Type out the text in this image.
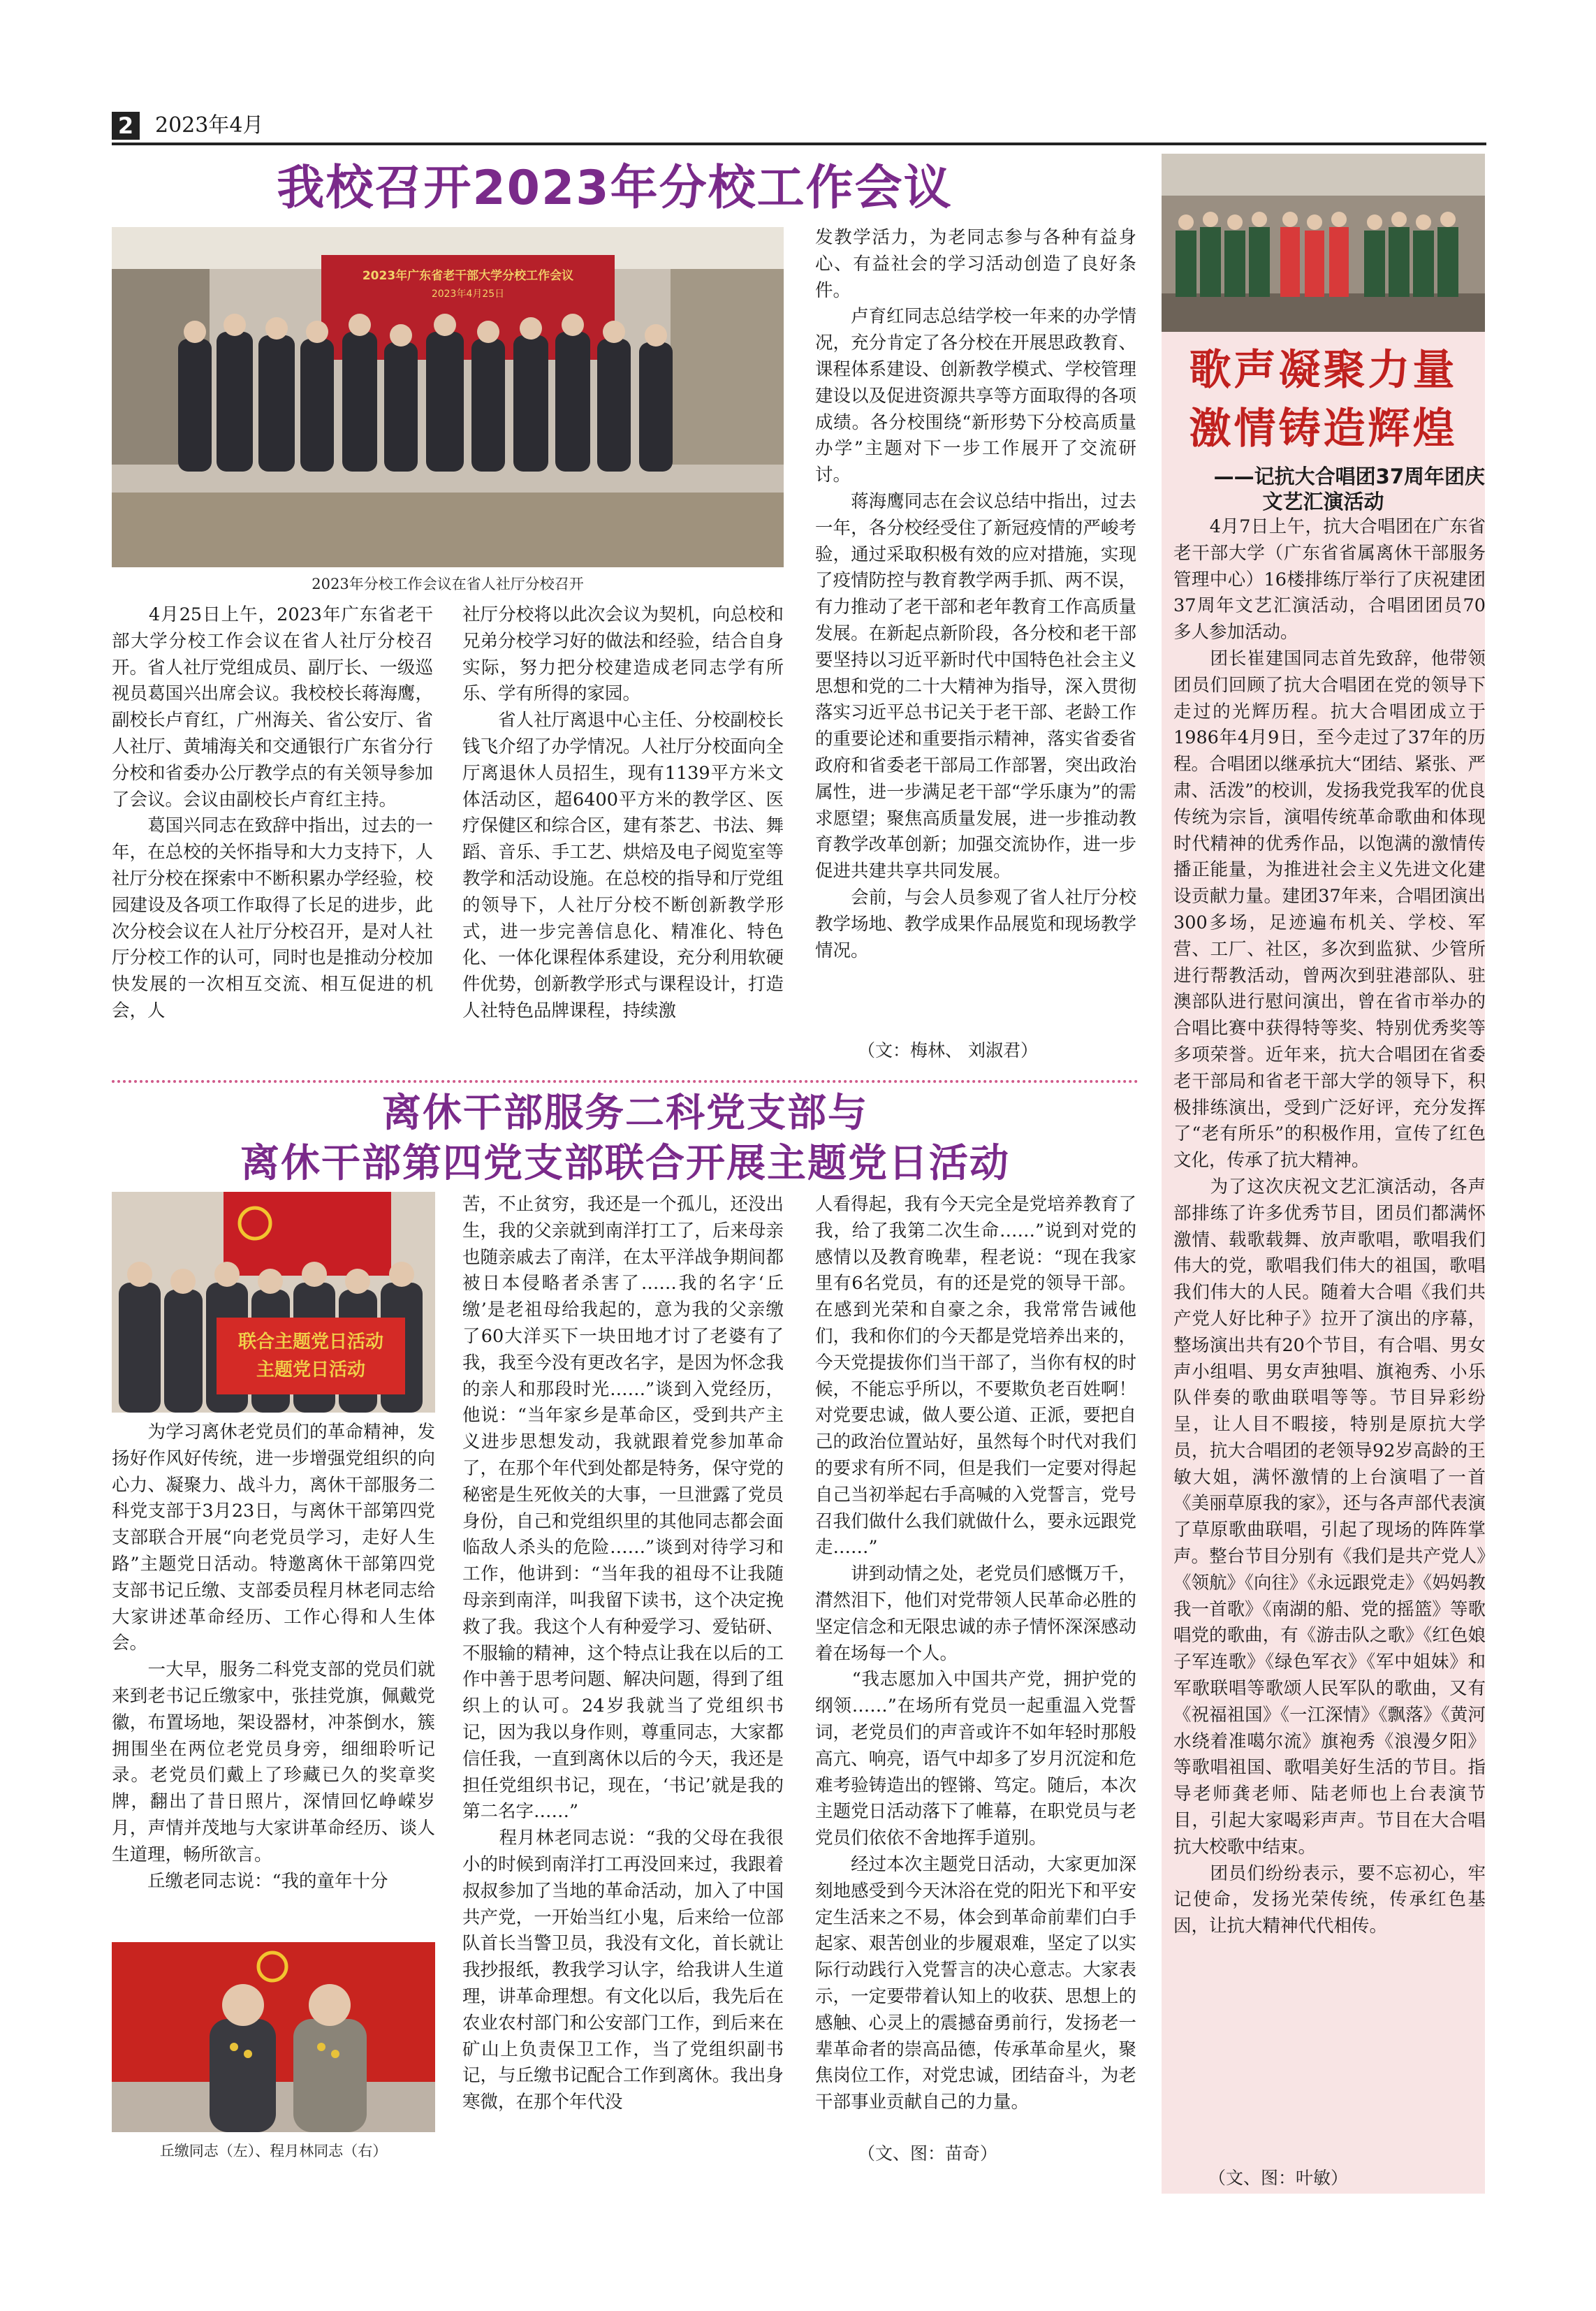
2 2023年4月
我校召开2023年分校工作会议
2023年广东省老干部大学分校工作会议
2023年4月25日
2023年分校工作会议在省人社厅分校召开
　　4月25日上午，2023年广东省老干部大学分校工作会议在省人社厅分校召开。省人社厅党组成员、副厅长、一级巡视员葛国兴出席会议。我校校长蒋海鹰，副校长卢育红，广州海关、省公安厅、省人社厅、黄埔海关和交通银行广东省分行分校和省委办公厅教学点的有关领导参加了会议。会议由副校长卢育红主持。
　　葛国兴同志在致辞中指出，过去的一年，在总校的关怀指导和大力支持下，人社厅分校在探索中不断积累办学经验，校园建设及各项工作取得了长足的进步，此次分校会议在人社厅分校召开，是对人社厅分校工作的认可，同时也是推动分校加快发展的一次相互交流、相互促进的机会，人
社厅分校将以此次会议为契机，向总校和兄弟分校学习好的做法和经验，结合自身实际，努力把分校建造成老同志学有所乐、学有所得的家园。
　　省人社厅离退中心主任、分校副校长钱飞介绍了办学情况。人社厅分校面向全厅离退休人员招生，现有1139平方米文体活动区，超6400平方米的教学区、医疗保健区和综合区，建有茶艺、书法、舞蹈、音乐、手工艺、烘焙及电子阅览室等教学和活动设施。在总校的指导和厅党组的领导下，人社厅分校不断创新教学形式，进一步完善信息化、精准化、特色化、一体化课程体系建设，充分利用软硬件优势，创新教学形式与课程设计，打造人社特色品牌课程，持续激
发教学活力，为老同志参与各种有益身心、有益社会的学习活动创造了良好条件。
　　卢育红同志总结学校一年来的办学情况，充分肯定了各分校在开展思政教育、课程体系建设、创新教学模式、学校管理建设以及促进资源共享等方面取得的各项成绩。各分校围绕“新形势下分校高质量办学”主题对下一步工作展开了交流研讨。
　　蒋海鹰同志在会议总结中指出，过去一年，各分校经受住了新冠疫情的严峻考验，通过采取积极有效的应对措施，实现了疫情防控与教育教学两手抓、两不误，有力推动了老干部和老年教育工作高质量发展。在新起点新阶段，各分校和老干部要坚持以习近平新时代中国特色社会主义思想和党的二十大精神为指导，深入贯彻落实习近平总书记关于老干部、老龄工作的重要论述和重要指示精神，落实省委省政府和省委老干部局工作部署，突出政治属性，进一步满足老干部“学乐康为”的需求愿望；聚焦高质量发展，进一步推动教育教学改革创新；加强交流协作，进一步促进共建共享共同发展。
　　会前，与会人员参观了省人社厅分校教学场地、教学成果作品展览和现场教学情况。
（文：梅林、 刘淑君）
离休干部服务二科党支部与
离休干部第四党支部联合开展主题党日活动
联合主题党日活动
主题党日活动
　　为学习离休老党员们的革命精神，发扬好作风好传统，进一步增强党组织的向心力、凝聚力、战斗力，离休干部服务二科党支部于3月23日，与离休干部第四党支部联合开展“向老党员学习，走好人生路”主题党日活动。特邀离休干部第四党支部书记丘缴、支部委员程月林老同志给大家讲述革命经历、工作心得和人生体会。
　　一大早，服务二科党支部的党员们就来到老书记丘缴家中，张挂党旗，佩戴党徽，布置场地，架设器材，冲茶倒水，簇拥围坐在两位老党员身旁，细细聆听记录。老党员们戴上了珍藏已久的奖章奖牌，翻出了昔日照片，深情回忆峥嵘岁月，声情并茂地与大家讲革命经历、谈人生道理，畅所欲言。
　　丘缴老同志说：“我的童年十分
丘缴同志（左）、程月林同志（右）
苦，不止贫穷，我还是一个孤儿，还没出生，我的父亲就到南洋打工了，后来母亲也随亲戚去了南洋，在太平洋战争期间都被日本侵略者杀害了……我的名字‘丘缴’是老祖母给我起的，意为我的父亲缴了60大洋买下一块田地才讨了老婆有了我，我至今没有更改名字，是因为怀念我的亲人和那段时光……”谈到入党经历，他说：“当年家乡是革命区，受到共产主义进步思想发动，我就跟着党参加革命了，在那个年代到处都是特务，保守党的秘密是生死攸关的大事，一旦泄露了党员身份，自己和党组织里的其他同志都会面临敌人杀头的危险……”谈到对待学习和工作，他讲到：“当年我的祖母不让我随母亲到南洋，叫我留下读书，这个决定挽救了我。我这个人有种爱学习、爱钻研、不服输的精神，这个特点让我在以后的工作中善于思考问题、解决问题，得到了组织上的认可。24岁我就当了党组织书记，因为我以身作则，尊重同志，大家都信任我，一直到离休以后的今天，我还是担任党组织书记，现在，‘书记’就是我的第二名字……”
　　程月林老同志说：“我的父母在我很小的时候到南洋打工再没回来过，我跟着叔叔参加了当地的革命活动，加入了中国共产党，一开始当红小鬼，后来给一位部队首长当警卫员，我没有文化，首长就让我抄报纸，教我学习认字，给我讲人生道理，讲革命理想。有文化以后，我先后在农业农村部门和公安部门工作，到后来在矿山上负责保卫工作，当了党组织副书记，与丘缴书记配合工作到离休。我出身寒微，在那个年代没
人看得起，我有今天完全是党培养教育了我，给了我第二次生命……”说到对党的感情以及教育晚辈，程老说：“现在我家里有6名党员，有的还是党的领导干部。在感到光荣和自豪之余，我常常告诫他们，我和你们的今天都是党培养出来的，今天党提拔你们当干部了，当你有权的时候，不能忘乎所以，不要欺负老百姓啊！对党要忠诚，做人要公道、正派，要把自己的政治位置站好，虽然每个时代对我们的要求有所不同，但是我们一定要对得起自己当初举起右手高喊的入党誓言，党号召我们做什么我们就做什么，要永远跟党走……”
　　讲到动情之处，老党员们感慨万千，潸然泪下，他们对党带领人民革命必胜的坚定信念和无限忠诚的赤子情怀深深感动着在场每一个人。
　　“我志愿加入中国共产党，拥护党的纲领……”在场所有党员一起重温入党誓词，老党员们的声音或许不如年轻时那般高亢、响亮，语气中却多了岁月沉淀和危难考验铸造出的铿锵、笃定。随后，本次主题党日活动落下了帷幕，在职党员与老党员们依依不舍地挥手道别。
　　经过本次主题党日活动，大家更加深刻地感受到今天沐浴在党的阳光下和平安定生活来之不易，体会到革命前辈们白手起家、艰苦创业的步履艰难，坚定了以实际行动践行入党誓言的决心意志。大家表示，一定要带着认知上的收获、思想上的感触、心灵上的震撼奋勇前行，发扬老一辈革命者的崇高品德，传承革命星火，聚焦岗位工作，对党忠诚，团结奋斗，为老干部事业贡献自己的力量。
（文、图：苗奇）
歌声凝聚力量
激情铸造辉煌
——记抗大合唱团37周年团庆
文艺汇演活动
　　4月7日上午，抗大合唱团在广东省老干部大学（广东省省属离休干部服务管理中心）16楼排练厅举行了庆祝建团37周年文艺汇演活动，合唱团团员70多人参加活动。
　　团长崔建国同志首先致辞，他带领团员们回顾了抗大合唱团在党的领导下走过的光辉历程。抗大合唱团成立于1986年4月9日，至今走过了37年的历程。合唱团以继承抗大“团结、紧张、严肃、活泼”的校训，发扬我党我军的优良传统为宗旨，演唱传统革命歌曲和体现时代精神的优秀作品，以饱满的激情传播正能量，为推进社会主义先进文化建设贡献力量。建团37年来，合唱团演出300多场，足迹遍布机关、学校、军营、工厂、社区，多次到监狱、少管所进行帮教活动，曾两次到驻港部队、驻澳部队进行慰问演出，曾在省市举办的合唱比赛中获得特等奖、特别优秀奖等多项荣誉。近年来，抗大合唱团在省委老干部局和省老干部大学的领导下，积极排练演出，受到广泛好评，充分发挥了“老有所乐”的积极作用，宣传了红色文化，传承了抗大精神。
　　为了这次庆祝文艺汇演活动，各声部排练了许多优秀节目，团员们都满怀激情、载歌载舞、放声歌唱，歌唱我们伟大的党，歌唱我们伟大的祖国，歌唱我们伟大的人民。随着大合唱《我们共产党人好比种子》拉开了演出的序幕，整场演出共有20个节目，有合唱、男女声小组唱、男女声独唱、旗袍秀、小乐队伴奏的歌曲联唱等等。节目异彩纷呈，让人目不暇接，特别是原抗大学员，抗大合唱团的老领导92岁高龄的王敏大姐，满怀激情的上台演唱了一首《美丽草原我的家》，还与各声部代表演了草原歌曲联唱，引起了现场的阵阵掌声。整台节目分别有《我们是共产党人》《领航》《向往》《永远跟党走》《妈妈教我一首歌》《南湖的船、党的摇篮》等歌唱党的歌曲，有《游击队之歌》《红色娘子军连歌》《绿色军衣》《军中姐妹》和军歌联唱等歌颂人民军队的歌曲，又有《祝福祖国》《一江深情》《飘落》《黄河水绕着准噶尔流》旗袍秀《浪漫夕阳》等歌唱祖国、歌唱美好生活的节目。指导老师龚老师、陆老师也上台表演节目，引起大家喝彩声声。节目在大合唱抗大校歌中结束。
　　团员们纷纷表示，要不忘初心，牢记使命，发扬光荣传统，传承红色基因，让抗大精神代代相传。
（文、图：叶敏）
